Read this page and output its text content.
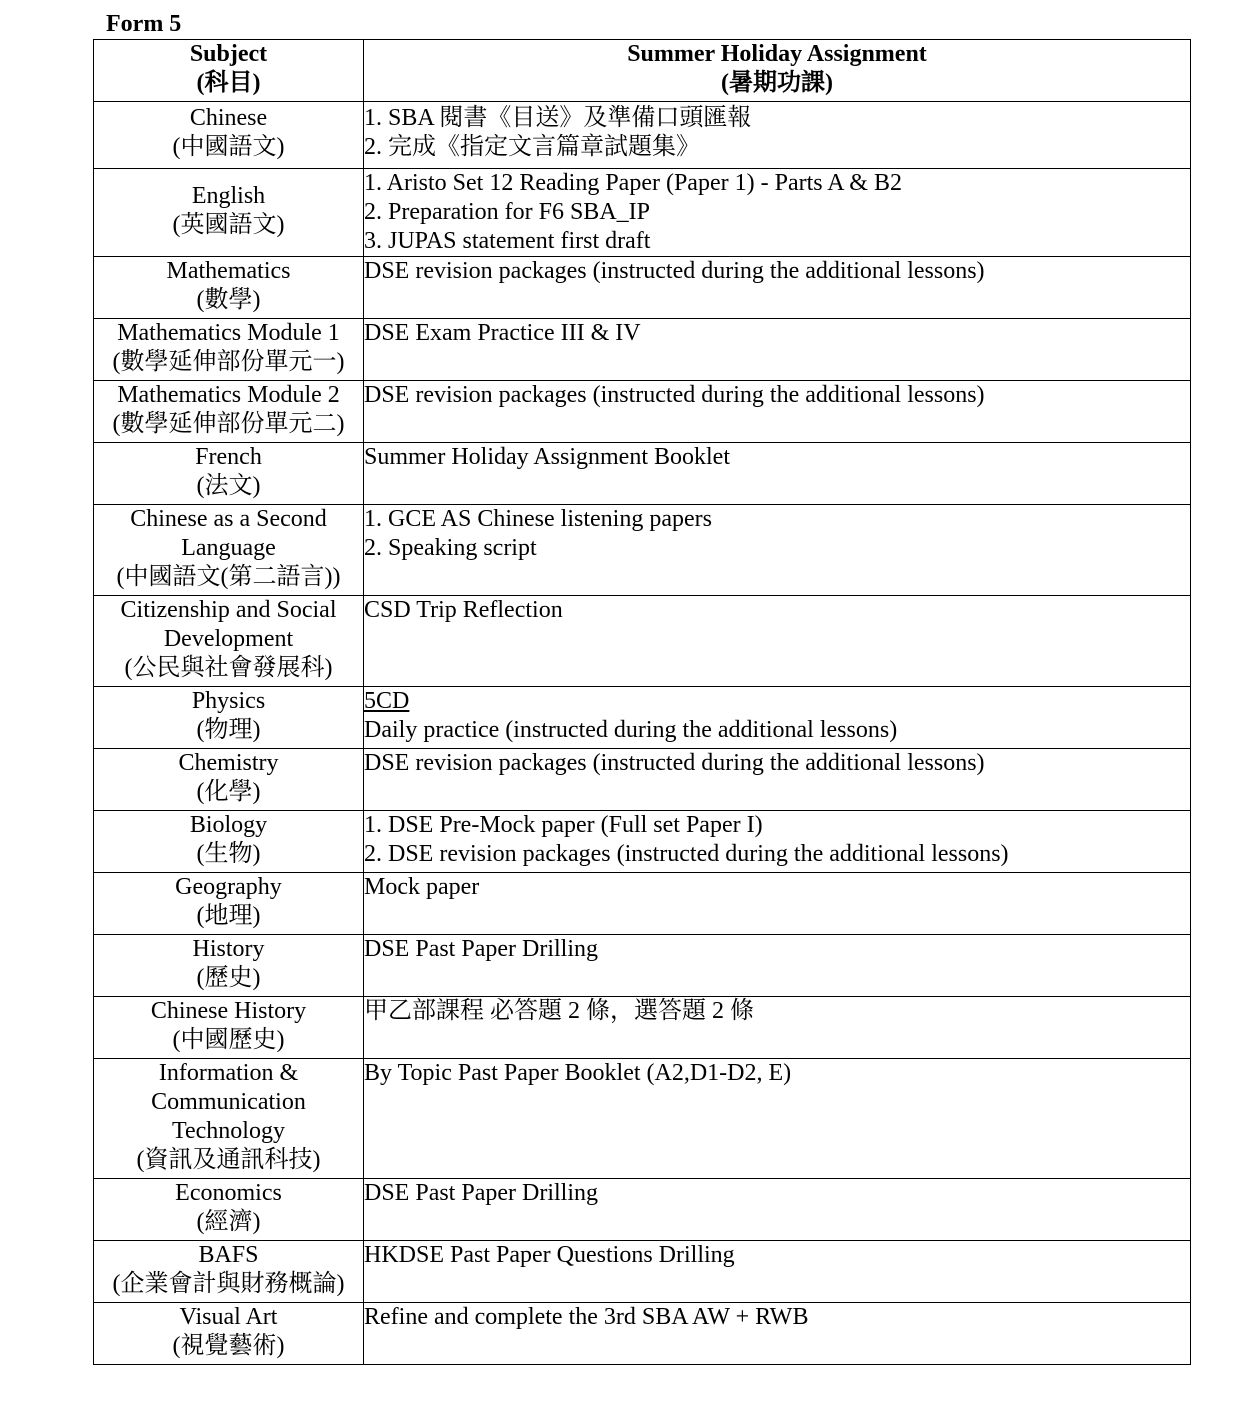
Form 5

Subject
(科目)	Summer Holiday Assignment
(暑期功課)

Chinese
(中國語文)	1. SBA 閱書《目送》及準備口頭匯報
2. 完成《指定文言篇章試題集》

English
(英國語文)	1. Aristo Set 12 Reading Paper (Paper 1) - Parts A & B2
2. Preparation for F6 SBA_IP
3. JUPAS statement first draft

Mathematics
(數學)	DSE revision packages (instructed during the additional lessons)

Mathematics Module 1
(數學延伸部份單元一)	DSE Exam Practice III & IV

Mathematics Module 2
(數學延伸部份單元二)	DSE revision packages (instructed during the additional lessons)

French
(法文)	Summer Holiday Assignment Booklet

Chinese as a Second
Language
(中國語文(第二語言))	1. GCE AS Chinese listening papers
2. Speaking script

Citizenship and Social
Development
(公民與社會發展科)	CSD Trip Reflection

Physics
(物理)	5CD
Daily practice (instructed during the additional lessons)

Chemistry
(化學)	DSE revision packages (instructed during the additional lessons)

Biology
(生物)	1. DSE Pre-Mock paper (Full set Paper I)
2. DSE revision packages (instructed during the additional lessons)

Geography
(地理)	Mock paper

History
(歷史)	DSE Past Paper Drilling

Chinese History
(中國歷史)	甲乙部課程 必答題 2 條，選答題 2 條

Information &
Communication
Technology
(資訊及通訊科技)	By Topic Past Paper Booklet (A2,D1-D2, E)

Economics
(經濟)	DSE Past Paper Drilling

BAFS
(企業會計與財務概論)	HKDSE Past Paper Questions Drilling

Visual Art
(視覺藝術)	Refine and complete the 3rd SBA AW + RWB
